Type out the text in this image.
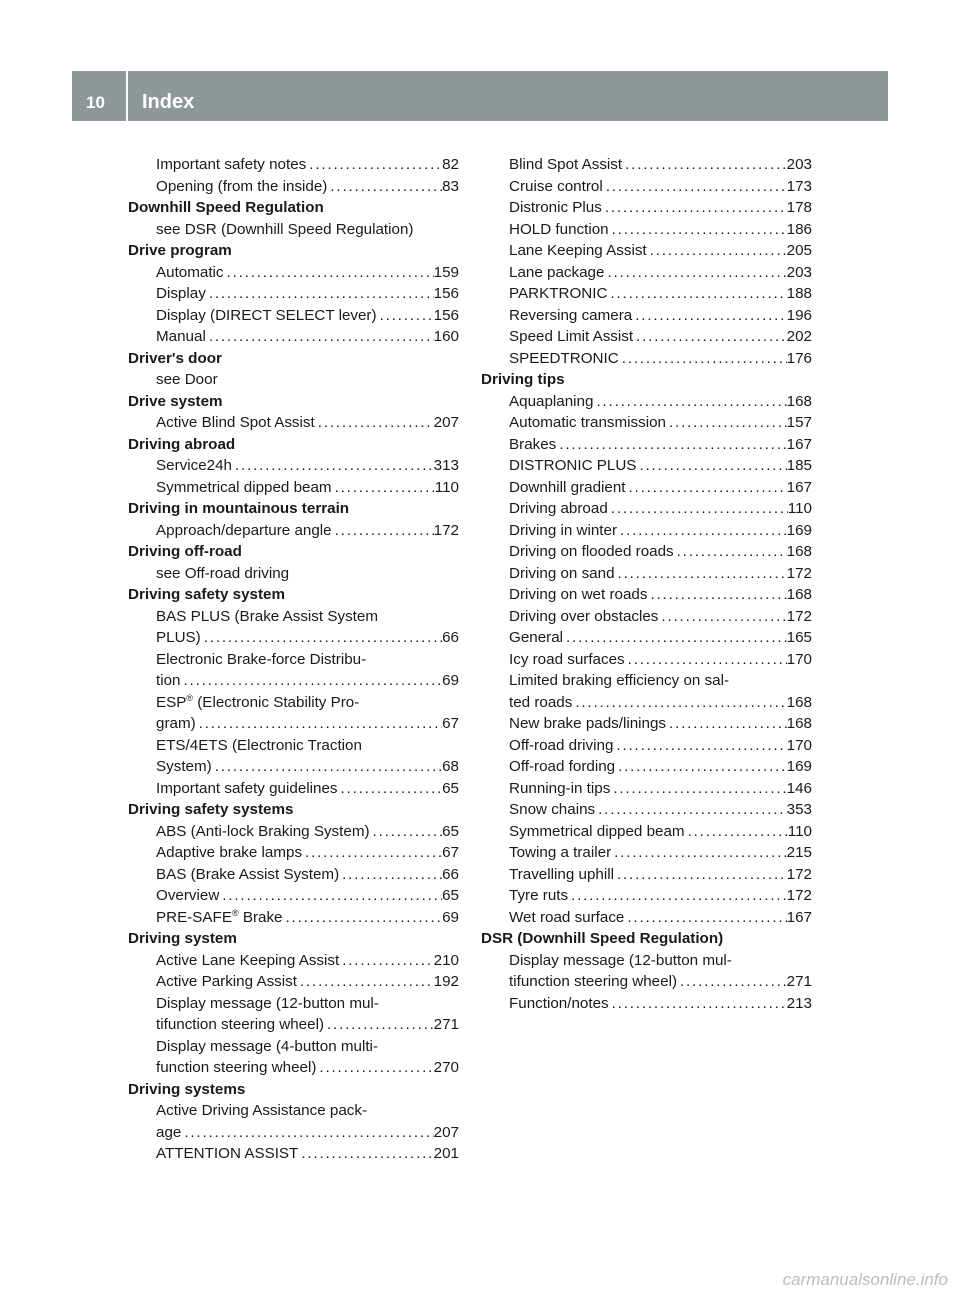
10 Index
Important safety notes . . .	82
Opening (from the inside) . . .	83
Downhill Speed Regulation
see DSR (Downhill Speed Regulation)
Drive program
Automatic . . .	159
Display . . .	156
Display (DIRECT SELECT lever) . . .	156
Manual . . .	160
Driver's door
see Door
Drive system
Active Blind Spot Assist . . .	207
Driving abroad
Service24h . . .	313
Symmetrical dipped beam . . .	110
Driving in mountainous terrain
Approach/departure angle . . .	172
Driving off-road
see Off-road driving
Driving safety system
BAS PLUS (Brake Assist System
PLUS) . . .	66
Electronic Brake-force Distribu-
tion . . .	69
ESP® (Electronic Stability Pro-
gram) . . .	67
ETS/4ETS (Electronic Traction
System) . . .	68
Important safety guidelines . . .	65
Driving safety systems
ABS (Anti-lock Braking System) . . .	65
Adaptive brake lamps . . .	67
BAS (Brake Assist System) . . .	66
Overview . . .	65
PRE-SAFE® Brake . . .	69
Driving system
Active Lane Keeping Assist . . .	210
Active Parking Assist . . .	192
Display message (12-button mul-
tifunction steering wheel) . . .	271
Display message (4-button multi-
function steering wheel) . . .	270
Driving systems
Active Driving Assistance pack-
age . . .	207
ATTENTION ASSIST . . .	201
Blind Spot Assist . . .	203
Cruise control . . .	173
Distronic Plus . . .	178
HOLD function . . .	186
Lane Keeping Assist . . .	205
Lane package . . .	203
PARKTRONIC . . .	188
Reversing camera . . .	196
Speed Limit Assist . . .	202
SPEEDTRONIC . . .	176
Driving tips
Aquaplaning . . .	168
Automatic transmission . . .	157
Brakes . . .	167
DISTRONIC PLUS . . .	185
Downhill gradient . . .	167
Driving abroad . . .	110
Driving in winter . . .	169
Driving on flooded roads . . .	168
Driving on sand . . .	172
Driving on wet roads . . .	168
Driving over obstacles . . .	172
General . . .	165
Icy road surfaces . . .	170
Limited braking efficiency on sal-
ted roads . . .	168
New brake pads/linings . . .	168
Off-road driving . . .	170
Off-road fording . . .	169
Running-in tips . . .	146
Snow chains . . .	353
Symmetrical dipped beam . . .	110
Towing a trailer . . .	215
Travelling uphill . . .	172
Tyre ruts . . .	172
Wet road surface . . .	167
DSR (Downhill Speed Regulation)
Display message (12-button mul-
tifunction steering wheel) . . .	271
Function/notes . . .	213
carmanualsonline.info
